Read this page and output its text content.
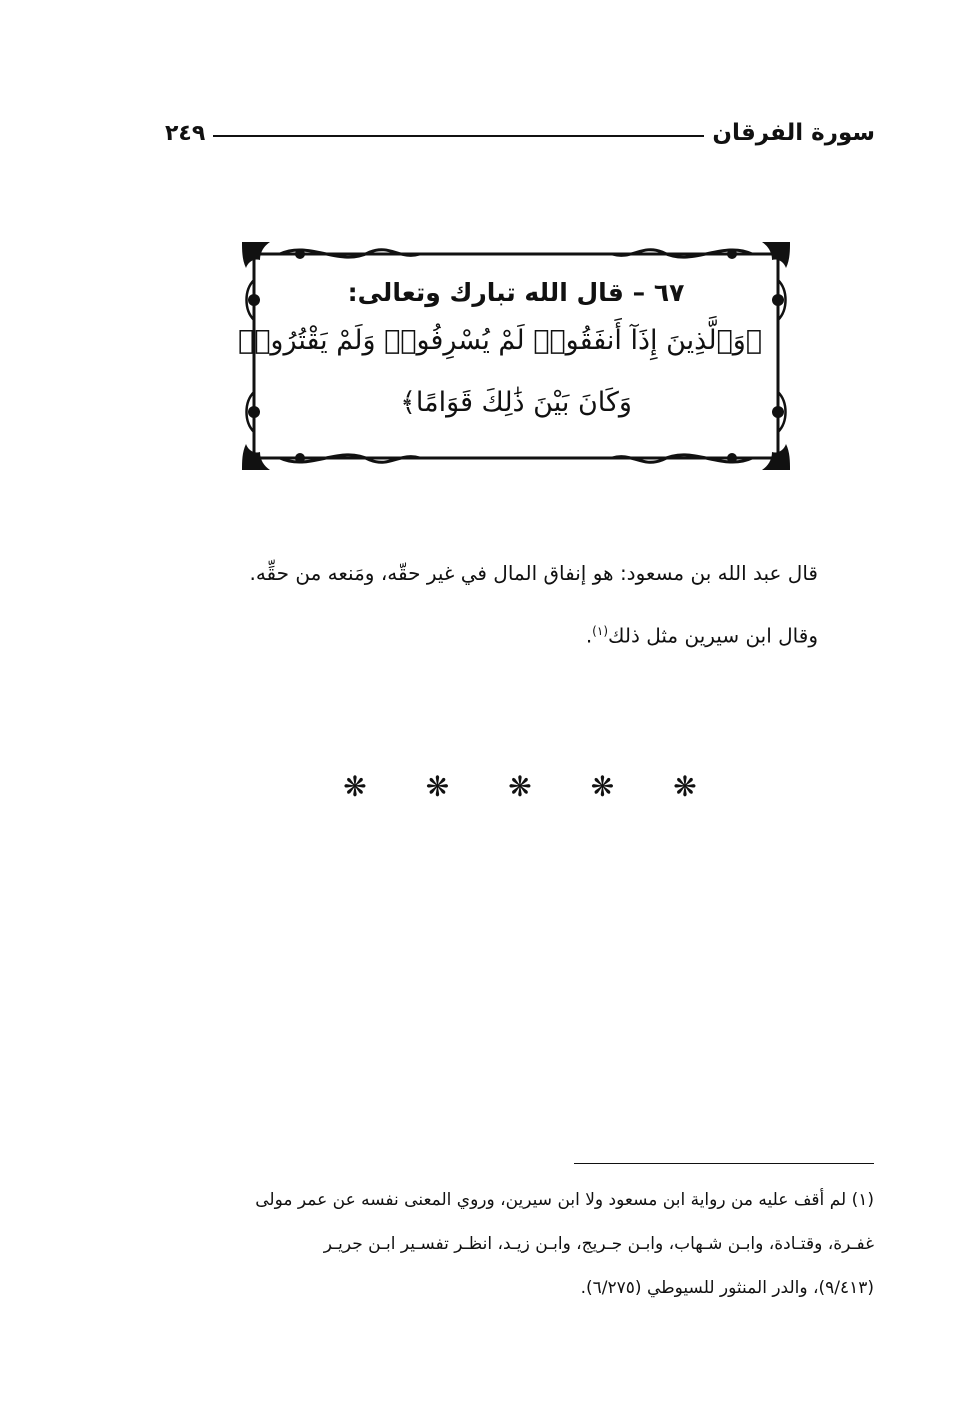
سورة الفرقان
٢٤٩
٦٧ – قال الله تبارك وتعالى:
﴿وَٱلَّذِينَ إِذَآ أَنفَقُوا۟ لَمْ يُسْرِفُوا۟ وَلَمْ يَقْتُرُوا۟
وَكَانَ بَيْنَ ذَٰلِكَ قَوَامًا﴾

قال عبد الله بن مسعود: هو إنفاق المال في غير حقّه، ومَنعه من حقِّه.

وقال ابن سيرين مثل ذلك$^{(١)}$.

❋ ❋ ❋ ❋ ❋

(١) لم أقف عليه من رواية ابن مسعود ولا ابن سيرين، وروي المعنى نفسه عن عمر مولى

غفـرة، وقتـادة، وابـن شـهاب، وابـن جـريج، وابـن زيـد، انظـر تفسـير ابـن جريـر

(٩/٤١٣)، والدر المنثور للسيوطي (٦/٢٧٥).
